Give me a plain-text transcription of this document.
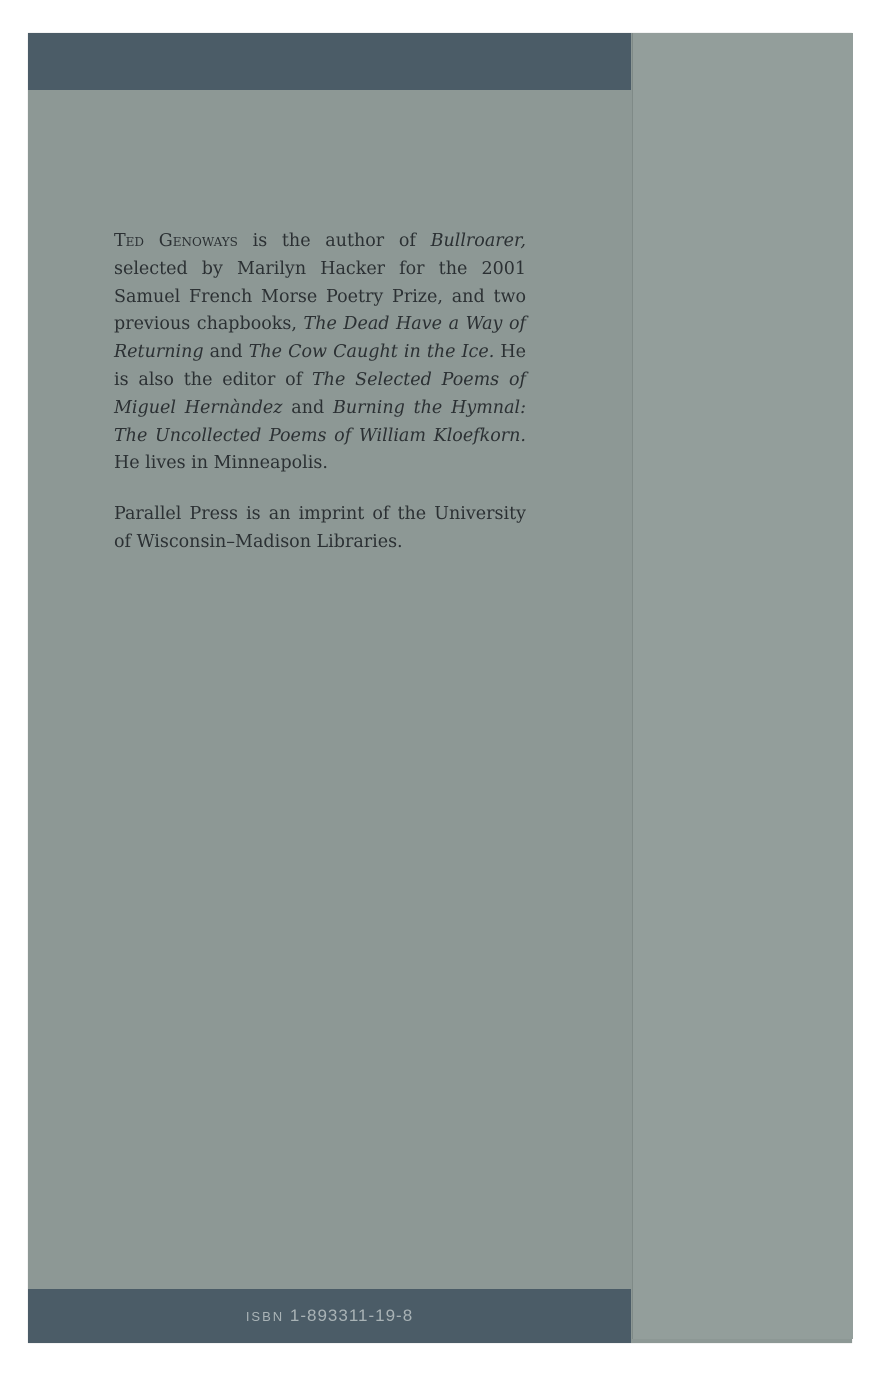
ISBN 1-893311-19-8

Ted Genoways is the author of Bullroarer, selected by Marilyn Hacker for the 2001 Samuel French Morse Poetry Prize, and two previous chapbooks, The Dead Have a Way of Returning and The Cow Caught in the Ice. He is also the editor of The Selected Poems of Miguel Hernàndez and Burning the Hymnal: The Uncollected Poems of William Kloefkorn. He lives in Minneapolis.

Parallel Press is an imprint of the University of Wisconsin–Madison Libraries.
